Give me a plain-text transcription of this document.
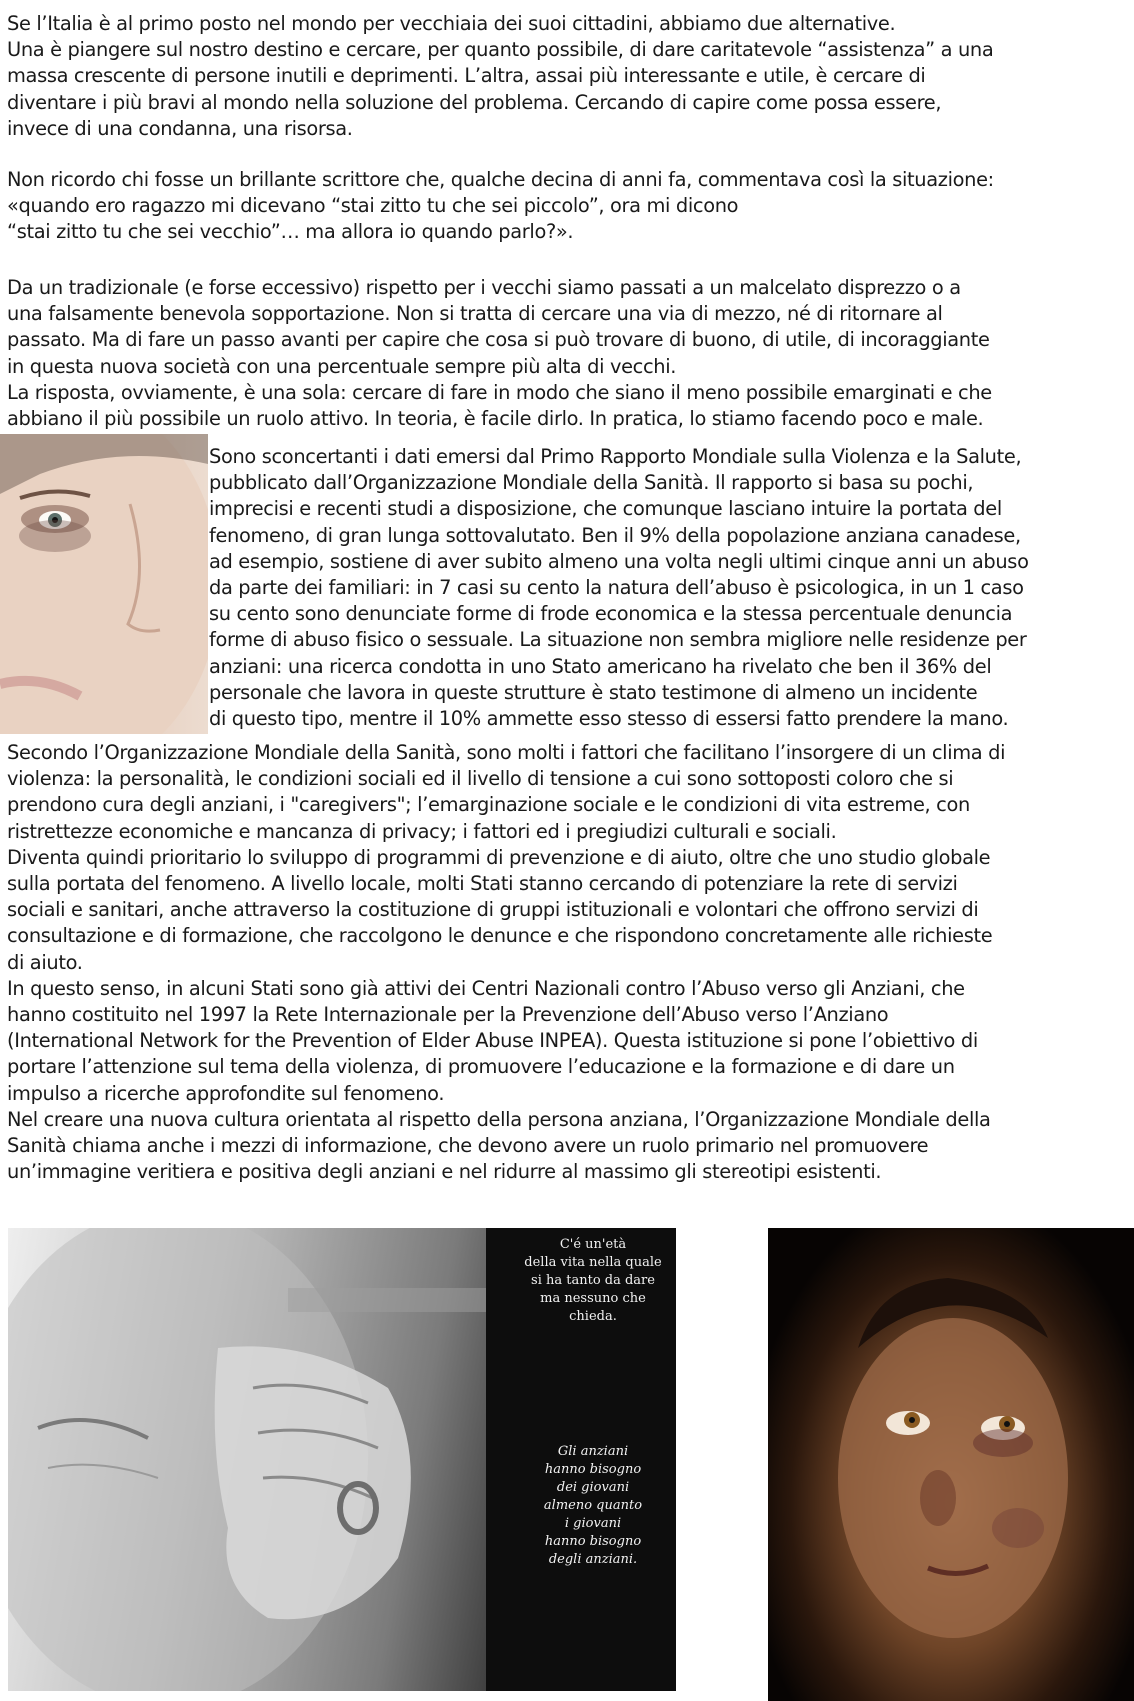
Se l’Italia è al primo posto nel mondo per vecchiaia dei suoi cittadini, abbiamo due alternative.
Una è piangere sul nostro destino e cercare, per quanto possibile, di dare caritatevole “assistenza” a una
massa crescente di persone inutili e deprimenti. L’altra, assai più interessante e utile, è cercare di
diventare i più bravi al mondo nella soluzione del problema. Cercando di capire come possa essere,
invece di una condanna, una risorsa.

Non ricordo chi fosse un brillante scrittore che, qualche decina di anni fa, commentava così la situazione:
«quando ero ragazzo mi dicevano “stai zitto tu che sei piccolo”, ora mi dicono
“stai zitto tu che sei vecchio”… ma allora io quando parlo?».

Da un tradizionale (e forse eccessivo) rispetto per i vecchi siamo passati a un malcelato disprezzo o a
una falsamente benevola sopportazione. Non si tratta di cercare una via di mezzo, né di ritornare al
passato. Ma di fare un passo avanti per capire che cosa si può trovare di buono, di utile, di incoraggiante
in questa nuova società con una percentuale sempre più alta di vecchi.
La risposta, ovviamente, è una sola: cercare di fare in modo che siano il meno possibile emarginati e che
abbiano il più possibile un ruolo attivo. In teoria, è facile dirlo. In pratica, lo stiamo facendo poco e male.

Sono sconcertanti i dati emersi dal Primo Rapporto Mondiale sulla Violenza e la Salute,
pubblicato dall’Organizzazione Mondiale della Sanità. Il rapporto si basa su pochi,
imprecisi e recenti studi a disposizione, che comunque lasciano intuire la portata del
fenomeno, di gran lunga sottovalutato. Ben il 9% della popolazione anziana canadese,
ad esempio, sostiene di aver subito almeno una volta negli ultimi cinque anni un abuso
da parte dei familiari: in 7 casi su cento la natura dell’abuso è psicologica, in un 1 caso
su cento sono denunciate forme di frode economica e la stessa percentuale denuncia
forme di abuso fisico o sessuale. La situazione non sembra migliore nelle residenze per
anziani: una ricerca condotta in uno Stato americano ha rivelato che ben il 36% del
personale che lavora in queste strutture è stato testimone di almeno un incidente
di questo tipo, mentre il 10% ammette esso stesso di essersi fatto prendere la mano.

Secondo l’Organizzazione Mondiale della Sanità, sono molti i fattori che facilitano l’insorgere di un clima di
violenza: la personalità, le condizioni sociali ed il livello di tensione a cui sono sottoposti coloro che si
prendono cura degli anziani, i "caregivers"; l’emarginazione sociale e le condizioni di vita estreme, con
ristrettezze economiche e mancanza di privacy; i fattori ed i pregiudizi culturali e sociali.
Diventa quindi prioritario lo sviluppo di programmi di prevenzione e di aiuto, oltre che uno studio globale
sulla portata del fenomeno. A livello locale, molti Stati stanno cercando di potenziare la rete di servizi
sociali e sanitari, anche attraverso la costituzione di gruppi istituzionali e volontari che offrono servizi di
consultazione e di formazione, che raccolgono le denunce e che rispondono concretamente alle richieste
di aiuto.
In questo senso, in alcuni Stati sono già attivi dei Centri Nazionali contro l’Abuso verso gli Anziani, che
hanno costituito nel 1997 la Rete Internazionale per la Prevenzione dell’Abuso verso l’Anziano
(International Network for the Prevention of Elder Abuse INPEA). Questa istituzione si pone l’obiettivo di
portare l’attenzione sul tema della violenza, di promuovere l’educazione e la formazione e di dare un
impulso a ricerche approfondite sul fenomeno.
Nel creare una nuova cultura orientata al rispetto della persona anziana, l’Organizzazione Mondiale della
Sanità chiama anche i mezzi di informazione, che devono avere un ruolo primario nel promuovere
un’immagine veritiera e positiva degli anziani e nel ridurre al massimo gli stereotipi esistenti.

C'é un'età
della vita nella quale
si ha tanto da dare
ma nessuno che
chieda.
Gli anziani
hanno bisogno
dei giovani
almeno quanto
i giovani
hanno bisogno
degli anziani.
